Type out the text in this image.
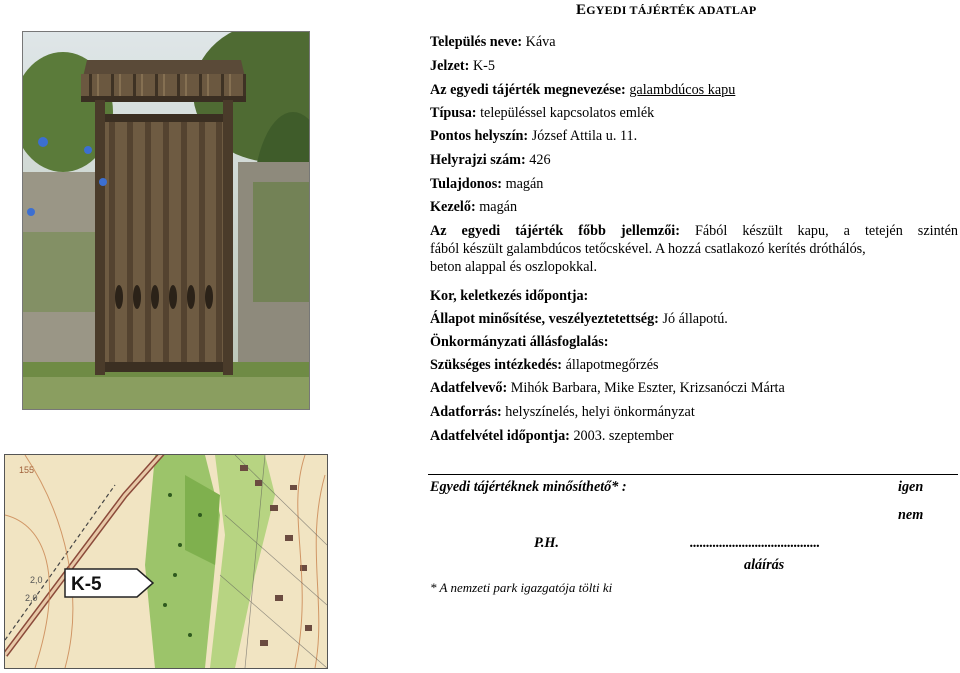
EGYEDI TÁJÉRTÉK ADATLAP
Település neve: Káva
Jelzet: K-5
Az egyedi tájérték megnevezése: galambdúcos kapu
Típusa: településsel kapcsolatos emlék
Pontos helyszín: József Attila u. 11.
Helyrajzi szám: 426
Tulajdonos: magán
Kezelő: magán
Az egyedi tájérték főbb jellemzői: Fából készült kapu, a tetején szintén
fából készült galambdúcos tetőcskével. A hozzá csatlakozó kerítés dróthálós,
beton alappal és oszlopokkal.
Kor, keletkezés időpontja:
Állapot minősítése, veszélyeztetettség: Jó állapotú.
Önkormányzati állásfoglalás:
Szükséges intézkedés: állapotmegőrzés
Adatfelvevő: Mihók Barbara, Mike Eszter, Krizsanóczi Márta
Adatforrás: helyszínelés, helyi önkormányzat
Adatfelvétel időpontja: 2003. szeptember
155
2,0
2,0
K-5
Egyedi tájértéknek minősíthető* :	igen
nem
P.H.	........................................
aláírás
* A nemzeti park igazgatója tölti ki
